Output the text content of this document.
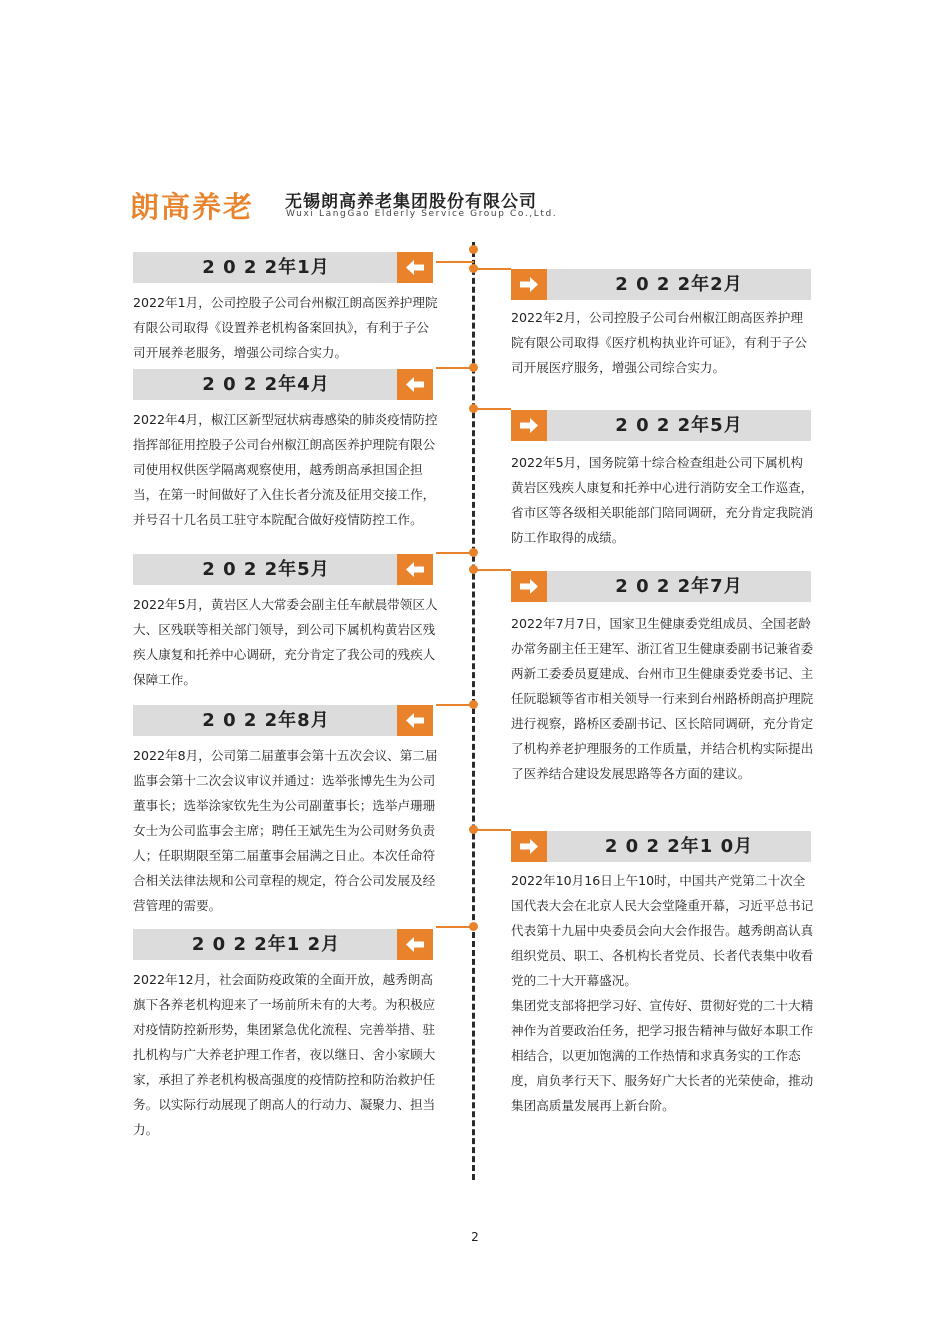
朗高养老 无锡朗高养老集团股份有限公司
Wuxi LangGao Elderly Service Group Co.,Ltd.
2 0 2 2年1月
2022年1月，公司控股子公司台州椒江朗高医养护理院有限公司取得《设置养老机构备案回执》，有利于子公司开展养老服务，增强公司综合实力。
2 0 2 2年4月
2022年4月，椒江区新型冠状病毒感染的肺炎疫情防控指挥部征用控股子公司台州椒江朗高医养护理院有限公司使用权供医学隔离观察使用，越秀朗高承担国企担当，在第一时间做好了入住长者分流及征用交接工作，并号召十几名员工驻守本院配合做好疫情防控工作。
2 0 2 2年5月
2022年5月，黄岩区人大常委会副主任车献晨带领区人大、区残联等相关部门领导，到公司下属机构黄岩区残疾人康复和托养中心调研，充分肯定了我公司的残疾人保障工作。
2 0 2 2年8月
2022年8月，公司第二届董事会第十五次会议、第二届监事会第十二次会议审议并通过：选举张博先生为公司董事长；选举涂家钦先生为公司副董事长；选举卢珊珊女士为公司监事会主席；聘任王斌先生为公司财务负责人；任职期限至第二届董事会届满之日止。本次任命符合相关法律法规和公司章程的规定，符合公司发展及经营管理的需要。
2 0 2 2年1 2月
2022年12月，社会面防疫政策的全面开放，越秀朗高旗下各养老机构迎来了一场前所未有的大考。为积极应对疫情防控新形势，集团紧急优化流程、完善举措、驻扎机构与广大养老护理工作者，夜以继日、舍小家顾大家，承担了养老机构极高强度的疫情防控和防治救护任务。以实际行动展现了朗高人的行动力、凝聚力、担当力。
2 0 2 2年2月
2022年2月，公司控股子公司台州椒江朗高医养护理院有限公司取得《医疗机构执业许可证》，有利于子公司开展医疗服务，增强公司综合实力。
2 0 2 2年5月
2022年5月，国务院第十综合检查组赴公司下属机构黄岩区残疾人康复和托养中心进行消防安全工作巡查，省市区等各级相关职能部门陪同调研，充分肯定我院消防工作取得的成绩。
2 0 2 2年7月
2022年7月7日，国家卫生健康委党组成员、全国老龄办常务副主任王建军、浙江省卫生健康委副书记兼省委两新工委委员夏建成、台州市卫生健康委党委书记、主任阮聪颖等省市相关领导一行来到台州路桥朗高护理院进行视察，路桥区委副书记、区长陪同调研，充分肯定了机构养老护理服务的工作质量，并结合机构实际提出了医养结合建设发展思路等各方面的建议。
2 0 2 2年1 0月
2022年10月16日上午10时，中国共产党第二十次全国代表大会在北京人民大会堂隆重开幕，习近平总书记代表第十九届中央委员会向大会作报告。越秀朗高认真组织党员、职工、各机构长者党员、长者代表集中收看党的二十大开幕盛况。
集团党支部将把学习好、宣传好、贯彻好党的二十大精神作为首要政治任务，把学习报告精神与做好本职工作相结合，以更加饱满的工作热情和求真务实的工作态度，肩负孝行天下、服务好广大长者的光荣使命，推动集团高质量发展再上新台阶。
2
